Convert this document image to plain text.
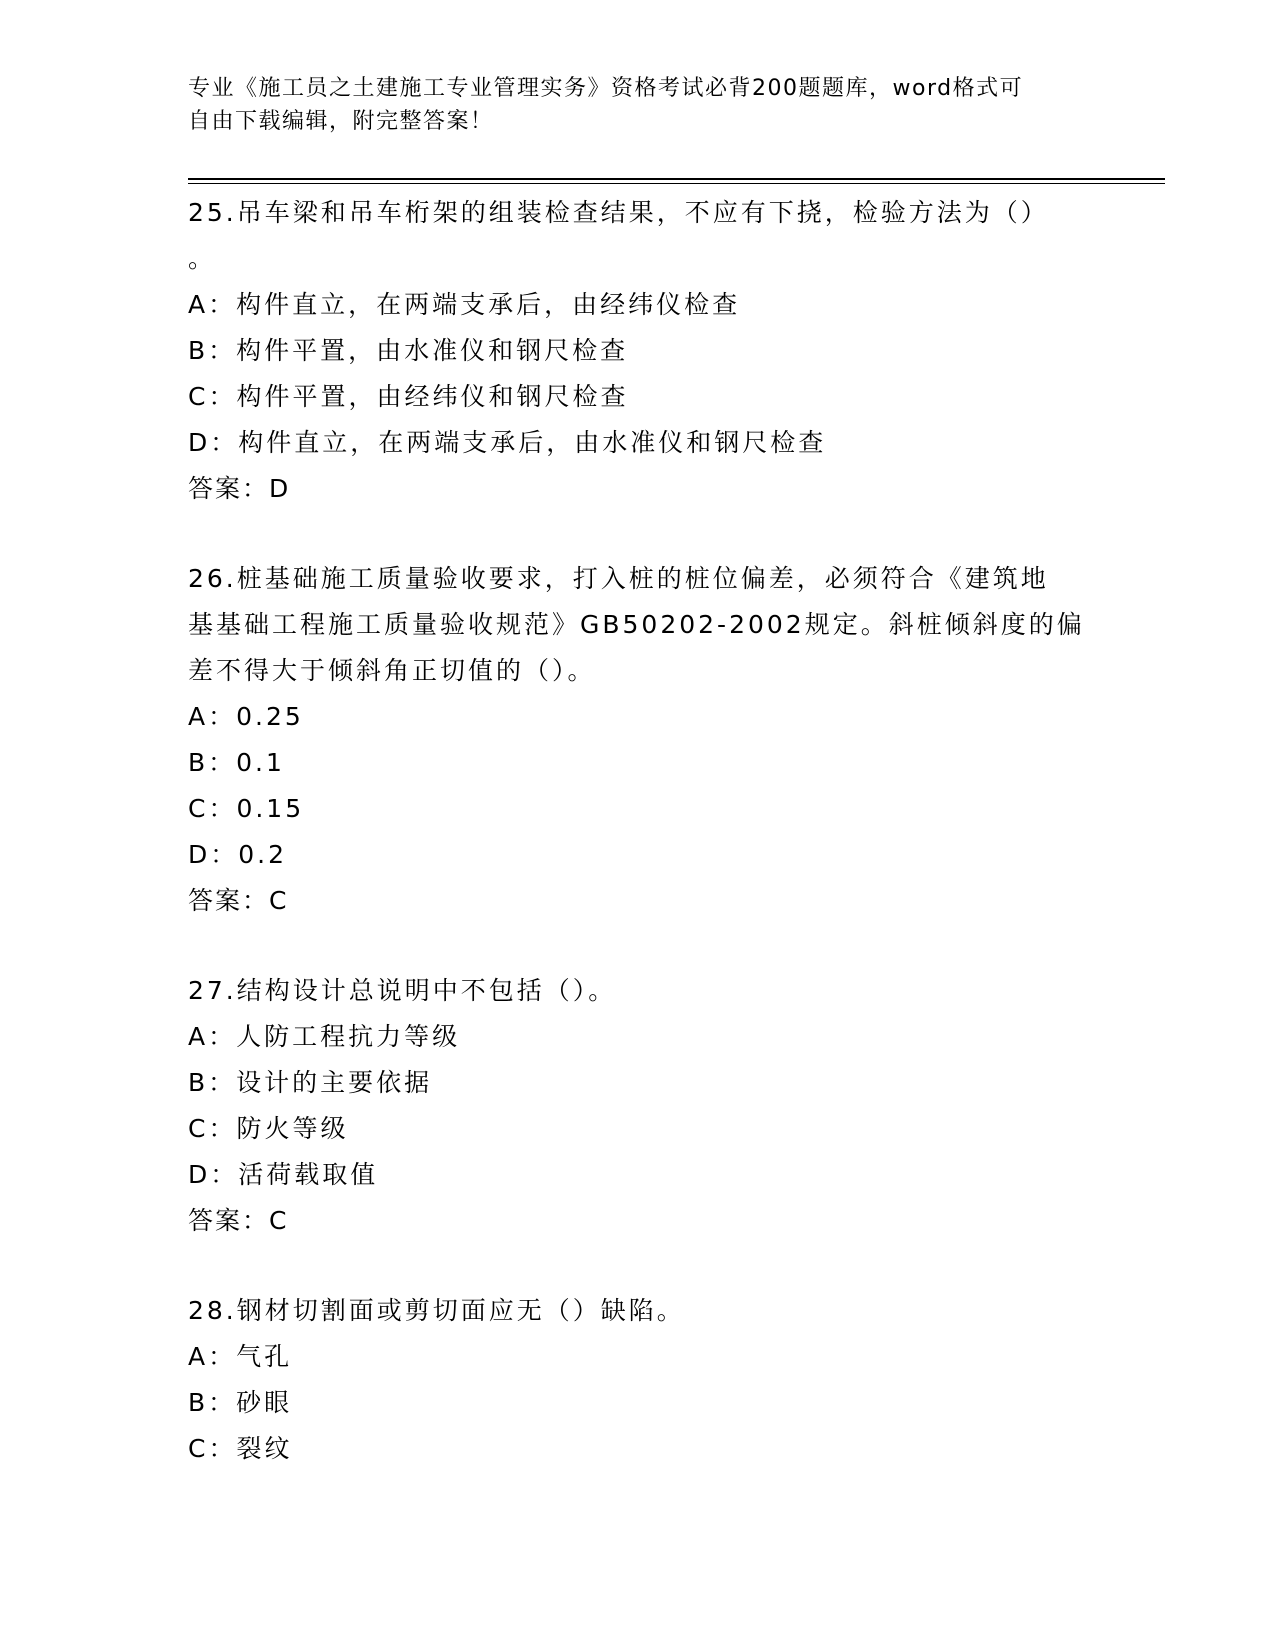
专业《施工员之土建施工专业管理实务》资格考试必背200题题库，word格式可
自由下载编辑，附完整答案！
25.吊车梁和吊车桁架的组装检查结果，不应有下挠，检验方法为（）
。
A：构件直立，在两端支承后，由经纬仪检查
B：构件平置，由水准仪和钢尺检查
C：构件平置，由经纬仪和钢尺检查
D：构件直立，在两端支承后，由水准仪和钢尺检查
答案：D
26.桩基础施工质量验收要求，打入桩的桩位偏差，必须符合《建筑地
基基础工程施工质量验收规范》GB50202-2002规定。斜桩倾斜度的偏
差不得大于倾斜角正切值的（）。
A：0.25
B：0.1
C：0.15
D：0.2
答案：C
27.结构设计总说明中不包括（）。
A：人防工程抗力等级
B：设计的主要依据
C：防火等级
D：活荷载取值
答案：C
28.钢材切割面或剪切面应无（）缺陷。
A：气孔
B：砂眼
C：裂纹
